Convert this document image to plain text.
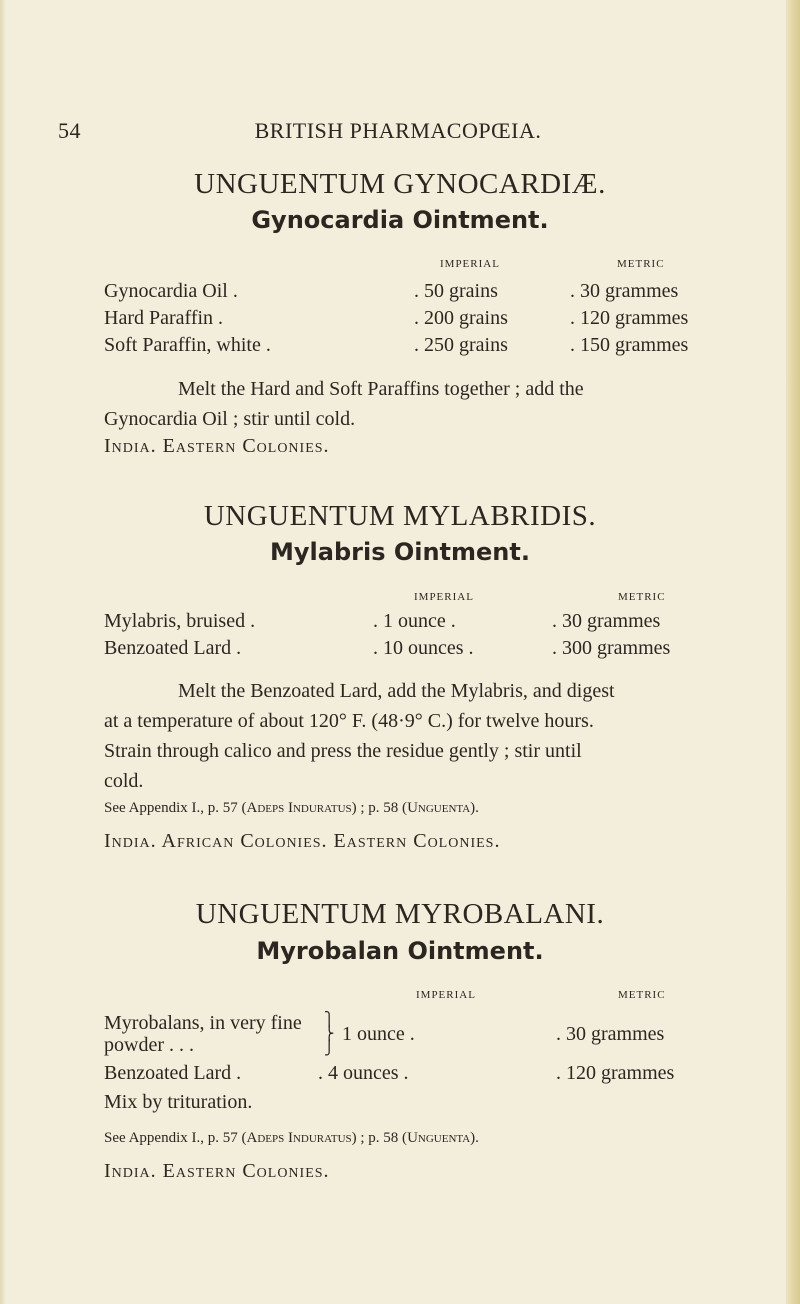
54	BRITISH PHARMACOPŒIA.
UNGUENTUM GYNOCARDIÆ.
Gynocardia Ointment.
IMPERIAL	METRIC
Gynocardia Oil .	. 50 grains	. 30 grammes
Hard Paraffin .	. 200 grains	. 120 grammes
Soft Paraffin, white .	. 250 grains	. 150 grammes
Melt the Hard and Soft Paraffins together ; add the
Gynocardia Oil ; stir until cold.
India. Eastern Colonies.
UNGUENTUM MYLABRIDIS.
Mylabris Ointment.
IMPERIAL	METRIC
Mylabris, bruised .	. 1 ounce .	. 30 grammes
Benzoated Lard .	. 10 ounces .	. 300 grammes
Melt the Benzoated Lard, add the Mylabris, and digest
at a temperature of about 120° F. (48·9° C.) for twelve hours.
Strain through calico and press the residue gently ; stir until
cold.
See Appendix I., p. 57 (Adeps Induratus) ; p. 58 (Unguenta).
India. African Colonies. Eastern Colonies.
UNGUENTUM MYROBALANI.
Myrobalan Ointment.
IMPERIAL	METRIC
Myrobalans, in very fine
powder . . .
⎫
⎬
⎭
1 ounce .	. 30 grammes
Benzoated Lard .	. 4 ounces .	. 120 grammes
Mix by trituration.
See Appendix I., p. 57 (Adeps Induratus) ; p. 58 (Unguenta).
India. Eastern Colonies.
